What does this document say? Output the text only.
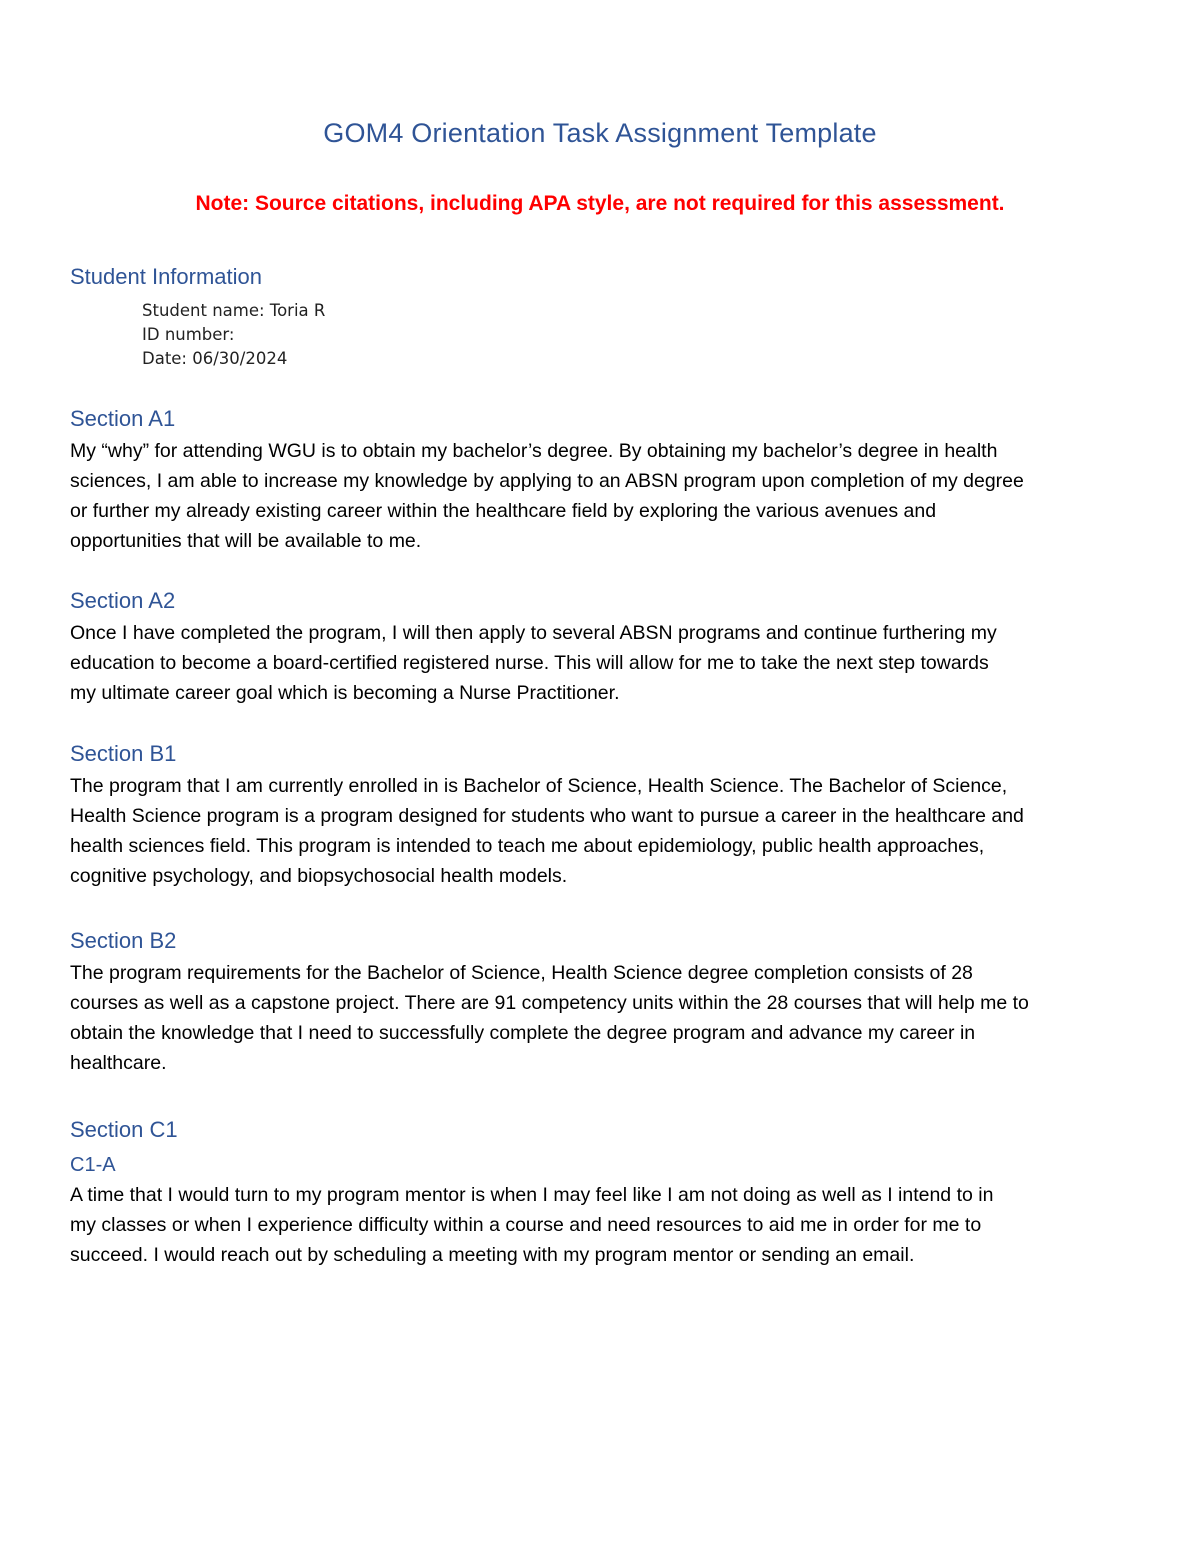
GOM4 Orientation Task Assignment Template
Note: Source citations, including APA style, are not required for this assessment.
Student Information
Student name: Toria R
ID number:
Date: 06/30/2024
Section A1
My “why” for attending WGU is to obtain my bachelor’s degree. By obtaining my bachelor’s degree in health
sciences, I am able to increase my knowledge by applying to an ABSN program upon completion of my degree
or further my already existing career within the healthcare field by exploring the various avenues and
opportunities that will be available to me.
Section A2
Once I have completed the program, I will then apply to several ABSN programs and continue furthering my
education to become a board-certified registered nurse. This will allow for me to take the next step towards
my ultimate career goal which is becoming a Nurse Practitioner.
Section B1
The program that I am currently enrolled in is Bachelor of Science, Health Science. The Bachelor of Science,
Health Science program is a program designed for students who want to pursue a career in the healthcare and
health sciences field. This program is intended to teach me about epidemiology, public health approaches,
cognitive psychology, and biopsychosocial health models.
Section B2
The program requirements for the Bachelor of Science, Health Science degree completion consists of 28
courses as well as a capstone project. There are 91 competency units within the 28 courses that will help me to
obtain the knowledge that I need to successfully complete the degree program and advance my career in
healthcare.
Section C1
C1-A
A time that I would turn to my program mentor is when I may feel like I am not doing as well as I intend to in
my classes or when I experience difficulty within a course and need resources to aid me in order for me to
succeed. I would reach out by scheduling a meeting with my program mentor or sending an email.
